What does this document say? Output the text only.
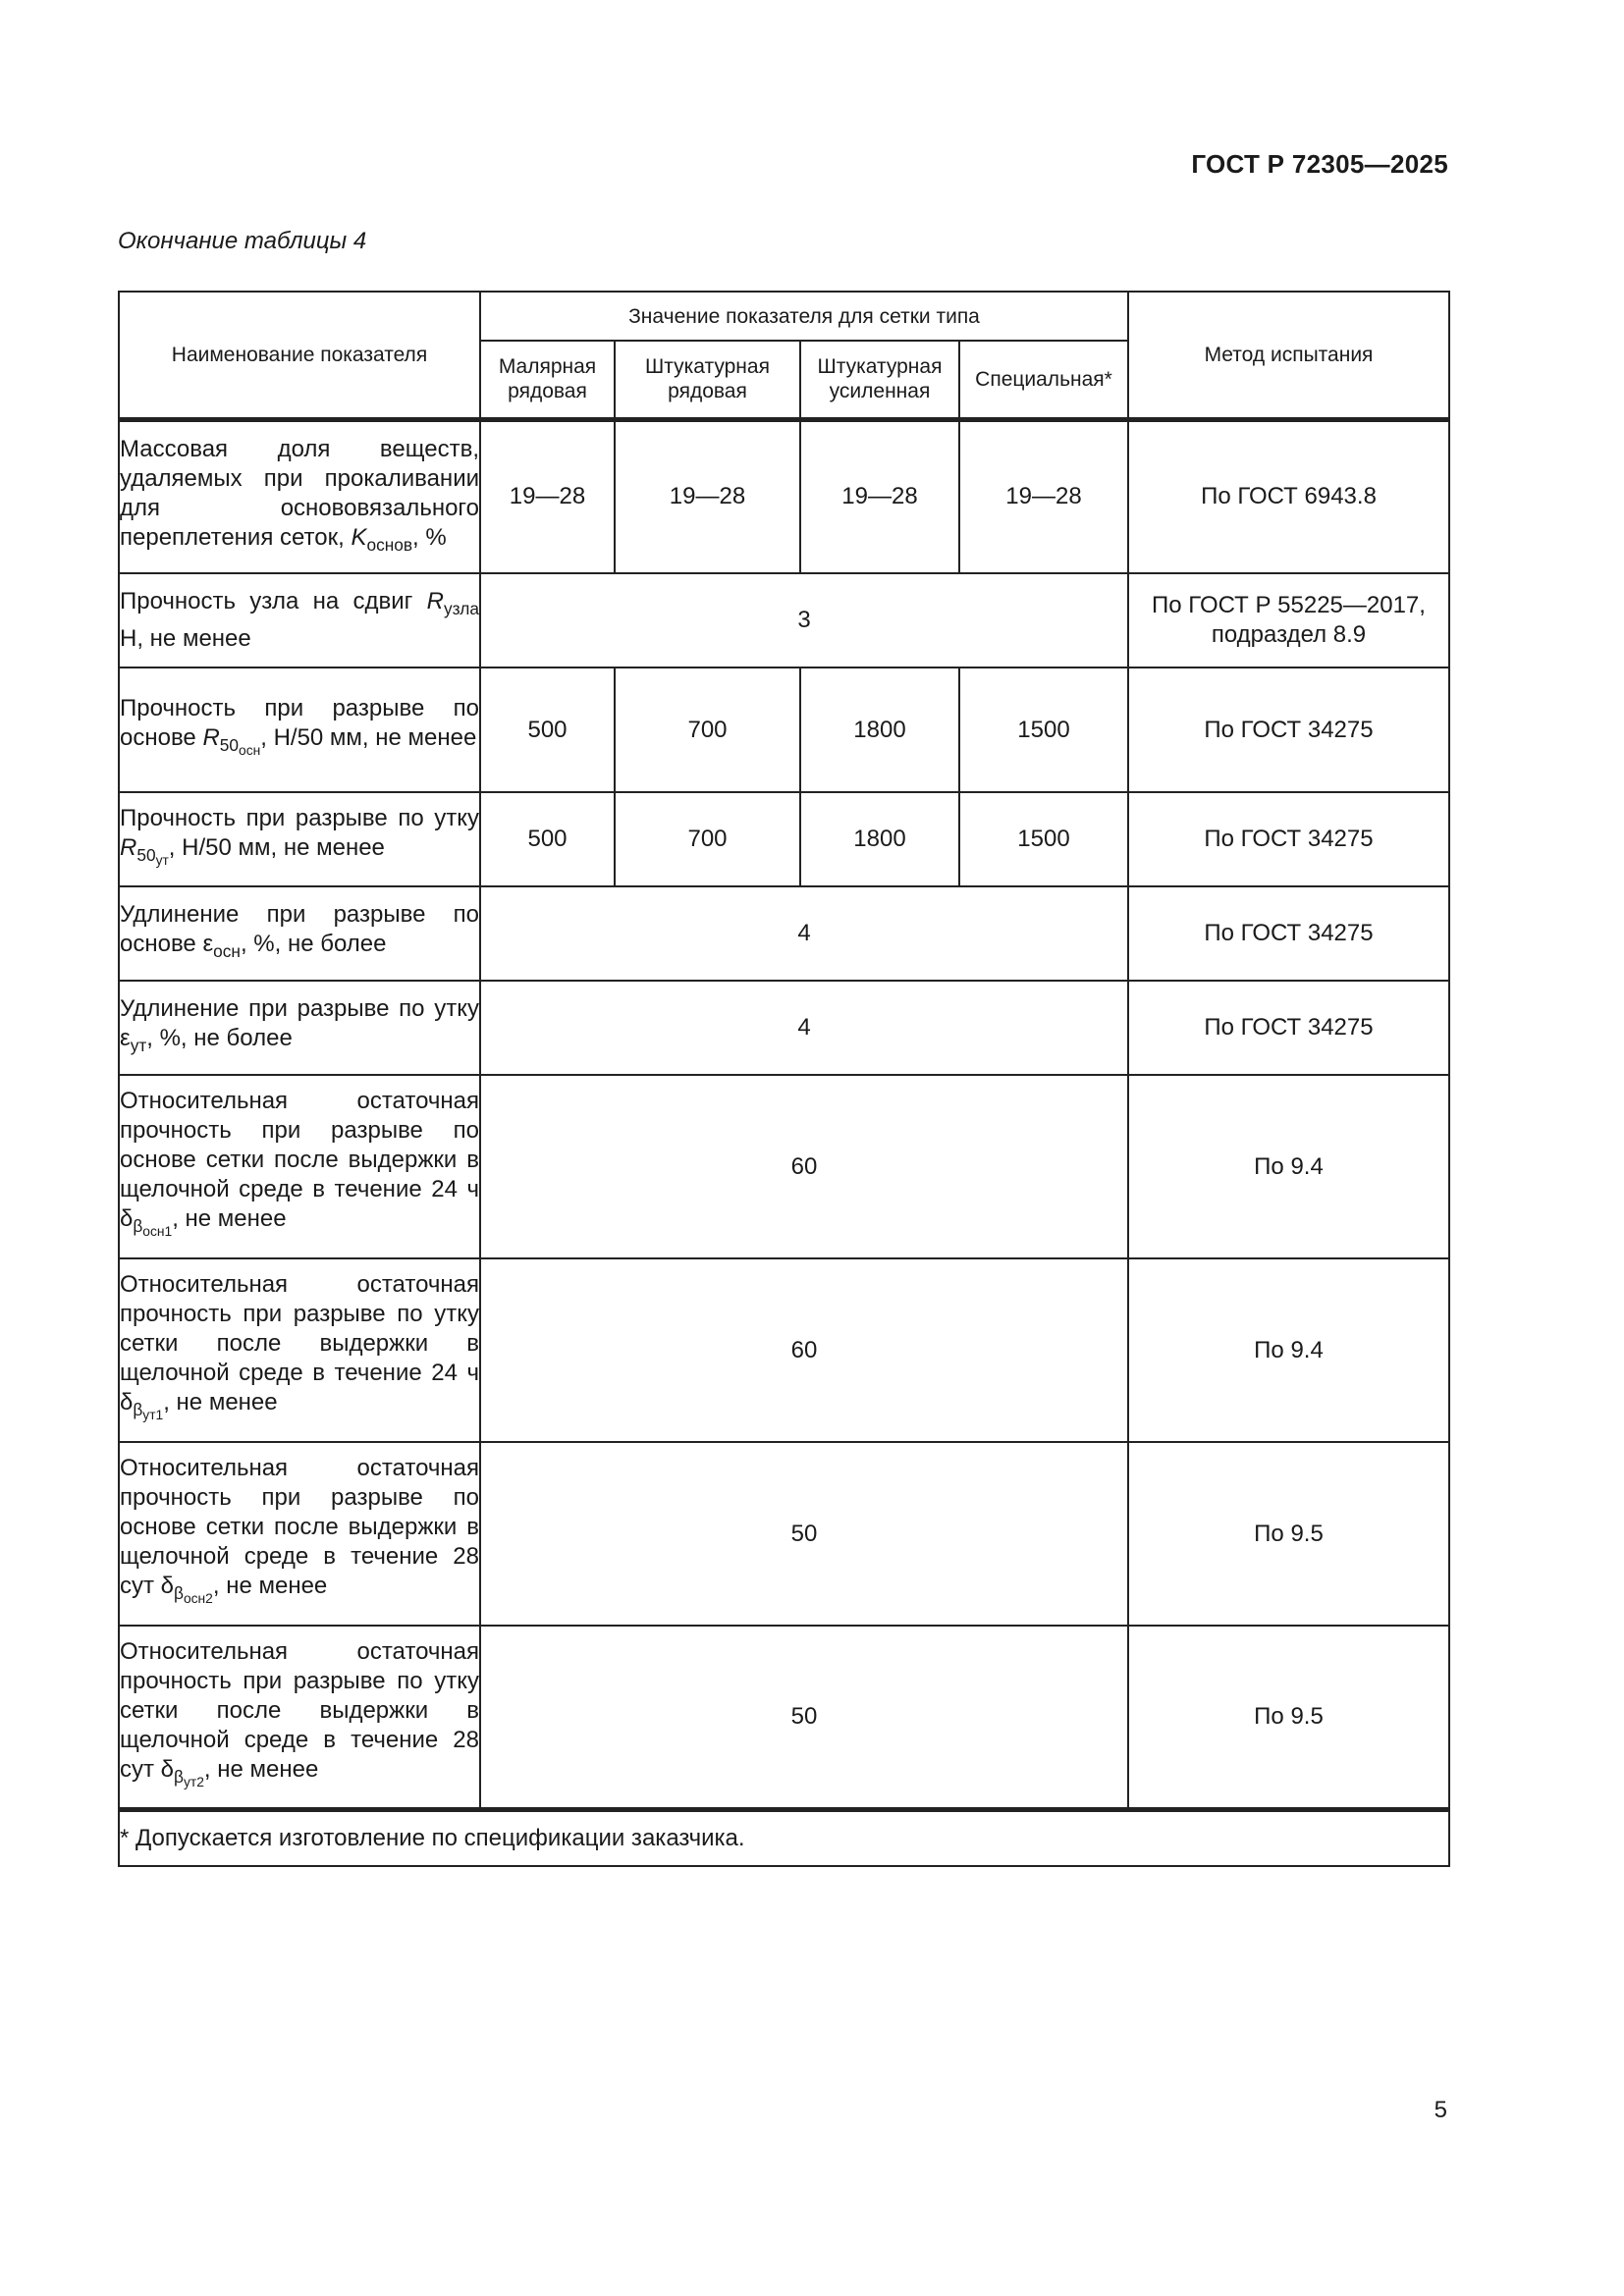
ГОСТ Р 72305—2025
Окончание таблицы 4
Наименование показателя	Значение показателя для сетки типа				Метод испытания
	Малярная рядовая	Штукатурная рядовая	Штукатурная усиленная	Специальная*	
Массовая доля веществ, удаляемых при прокаливании для основовязального переплетения сеток, $K_{основ}$, %	19—28	19—28	19—28	19—28	По ГОСТ 6943.8
Прочность узла на сдвиг $R_{узла}$ Н, не менее	3				По ГОСТ Р 55225—2017, подраздел 8.9
Прочность при разрыве по основе $R_{50_{осн}}$, Н/50 мм, не менее	500	700	1800	1500	По ГОСТ 34275
Прочность при разрыве по утку $R_{50_{ут}}$, Н/50 мм, не менее	500	700	1800	1500	По ГОСТ 34275
Удлинение при разрыве по основе $\varepsilon_{осн}$, %, не более	4				По ГОСТ 34275
Удлинение при разрыве по утку $\varepsilon_{ут}$, %, не более	4				По ГОСТ 34275
Относительная остаточная прочность при разрыве по основе сетки после выдержки в щелочной среде в течение 24 ч $\delta_{\beta_{осн1}}$, не менее	60				По 9.4
Относительная остаточная прочность при разрыве по утку сетки после выдержки в щелочной среде в течение 24 ч $\delta_{\beta_{ут1}}$, не менее	60				По 9.4
Относительная остаточная прочность при разрыве по основе сетки после выдержки в щелочной среде в течение 28 сут $\delta_{\beta_{осн2}}$, не менее	50				По 9.5
Относительная остаточная прочность при разрыве по утку сетки после выдержки в щелочной среде в течение 28 сут $\delta_{\beta_{ут2}}$, не менее	50				По 9.5
* Допускается изготовление по спецификации заказчика.					
5
